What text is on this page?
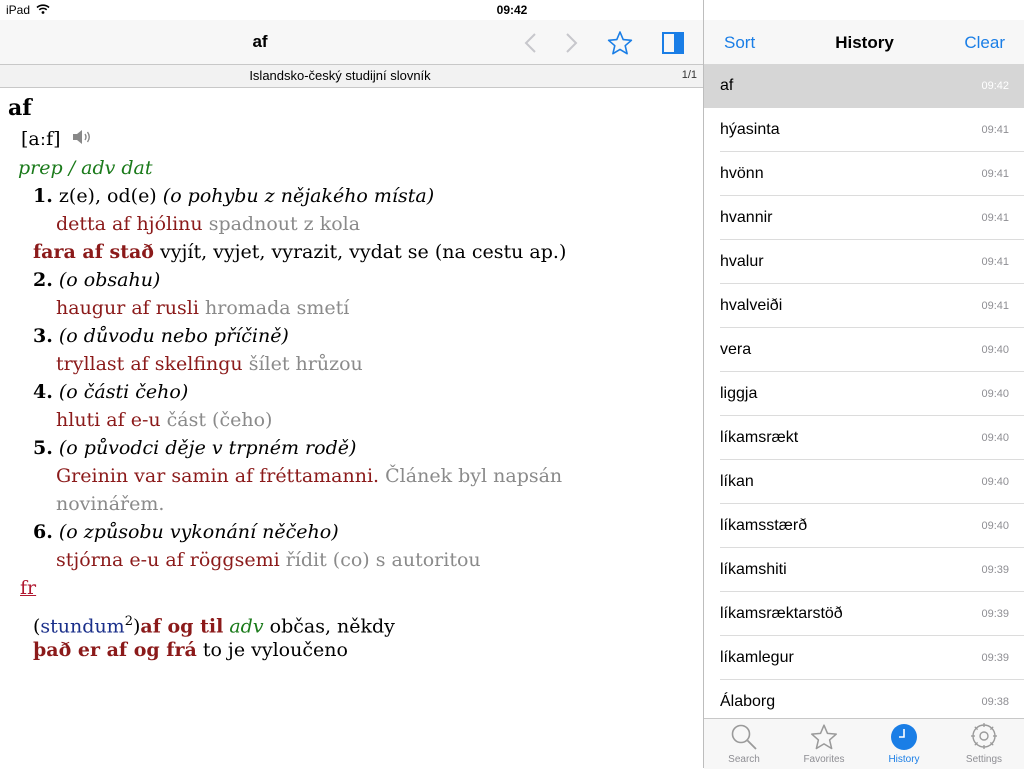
iPad	09:42
af
Islandsko-český studijní slovník	1/1
af
[aːf]
prep / adv dat
1. z(e), od(e) (o pohybu z nějakého místa)
detta af hjólinu spadnout z kola
fara af stað vyjít, vyjet, vyrazit, vydat se (na cestu ap.)
2. (o obsahu)
haugur af rusli hromada smetí
3. (o důvodu nebo příčině)
tryllast af skelfingu šílet hrůzou
4. (o části čeho)
hluti af e-u část (čeho)
5. (o původci děje v trpném rodě)
Greinin var samin af fréttamanni. Článek byl napsán
novinářem.
6. (o způsobu vykonání něčeho)
stjórna e-u af röggsemi řídit (co) s autoritou
fr
(stundum$^2$)af og til adv občas, někdy
það er af og frá to je vyloučeno
Sort	History	Clear
af	09:42
hýasinta	09:41
hvönn	09:41
hvannir	09:41
hvalur	09:41
hvalveiði	09:41
vera	09:40
liggja	09:40
líkamsrækt	09:40
líkan	09:40
líkamsstærð	09:40
líkamshiti	09:39
líkamsræktarstöð	09:39
líkamlegur	09:39
Álaborg	09:38
Search	Favorites	History	Settings
